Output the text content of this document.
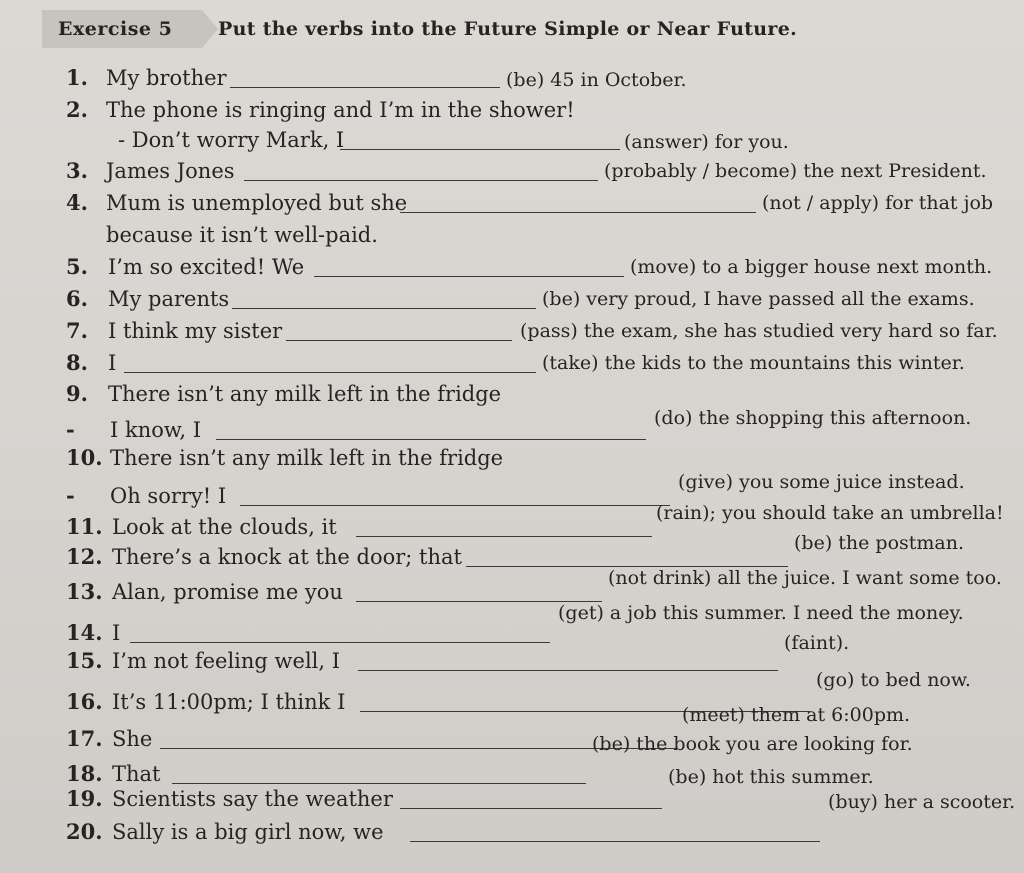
Exercise 5	Put the verbs into the Future Simple or Near Future.
1. My brother	(be) 45 in October.
2. The phone is ringing and I’m in the shower!
- Don’t worry Mark, I	(answer) for you.
3. James Jones	(probably / become) the next President.
4. Mum is unemployed but she	(not / apply) for that job
because it isn’t well-paid.
5. I’m so excited! We	(move) to a bigger house next month.
6. My parents	(be) very proud, I have passed all the exams.
7. I think my sister	(pass) the exam, she has studied very hard so far.
8. I	(take) the kids to the mountains this winter.
9. There isn’t any milk left in the fridge
- I know, I	(do) the shopping this afternoon.
10. There isn’t any milk left in the fridge
- Oh sorry! I
(give) you some juice instead.
11. Look at the clouds, it
(rain); you should take an umbrella!
12. There’s a knock at the door; that
(be) the postman.
13. Alan, promise me you
(not drink) all the juice. I want some too.
14. I
(get) a job this summer. I need the money.
15. I’m not feeling well, I
(faint).
16. It’s 11:00pm; I think I
(go) to bed now.
17. She
(meet) them at 6:00pm.
18. That
(be) the book you are looking for.
19. Scientists say the weather
(be) hot this summer.
20. Sally is a big girl now, we
(buy) her a scooter.
